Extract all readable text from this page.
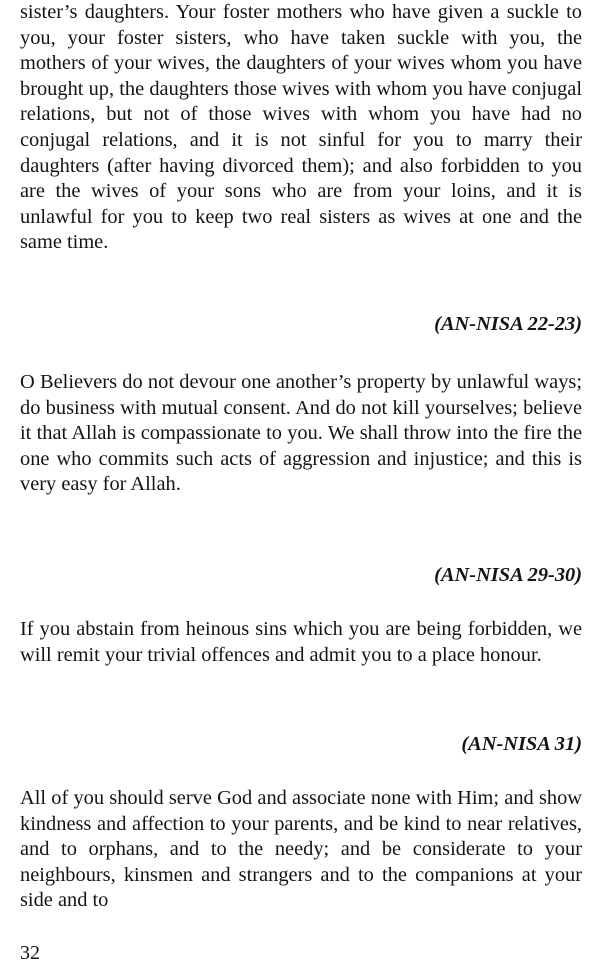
sister’s daughters. Your foster mothers who have given a suckle to you, your foster sisters, who have taken suckle with you, the mothers of your wives, the daughters of your wives whom you have brought up, the daughters those wives with whom you have conjugal relations, but not of those wives with whom you have had no conjugal relations, and it is not sinful for you to marry their daughters (after having divorced them); and also forbidden to you are the wives of your sons who are from your loins, and it is unlawful for you to keep two real sisters as wives at one and the same time.

(AN-NISA 22-23)

O Believers do not devour one another’s property by unlawful ways; do business with mutual consent. And do not kill yourselves; believe it that Allah is compassionate to you. We shall throw into the fire the one who commits such acts of aggression and injustice; and this is very easy for Allah.

(AN-NISA 29-30)

If you abstain from heinous sins which you are being forbidden, we will remit your trivial offences and admit you to a place honour.

(AN-NISA 31)

All of you should serve God and associate none with Him; and show kindness and affection to your parents, and be kind to near relatives, and to orphans, and to the needy; and be considerate to your neighbours, kinsmen and strangers and to the companions at your side and to

32
